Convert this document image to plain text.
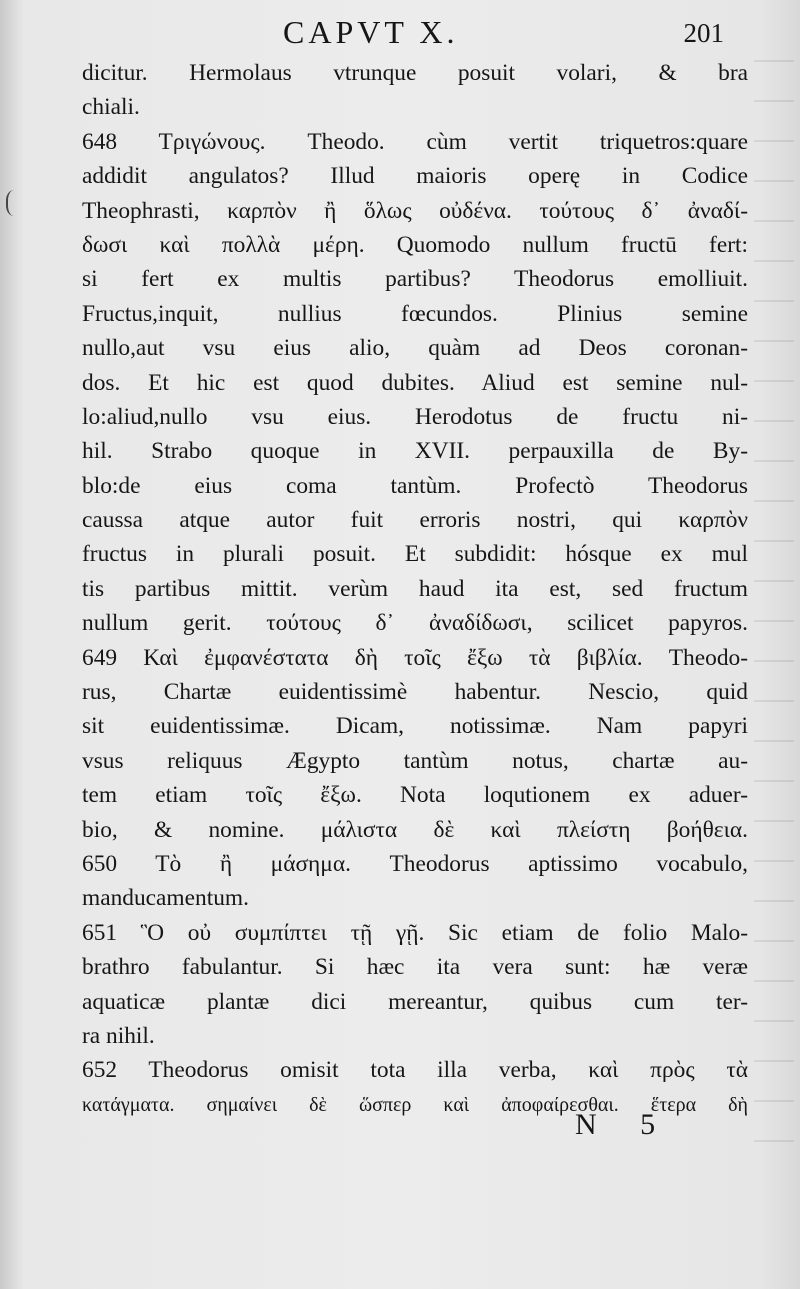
CAPVT X.	201
dicitur. Hermolaus vtrunque posuit volari, & bra
chiali.
648 Τριγώνους. Theodo. cùm vertit triquetros:quare
addidit angulatos? Illud maioris operę in Codice
Theophrasti, καρπὸν ἢ ὅλως οὐδένα. τούτους δ᾽ ἀναδί-
δωσι καὶ πολλὰ μέρη. Quomodo nullum fructū fert:
si fert ex multis partibus? Theodorus emolliuit.
Fructus,inquit, nullius fœcundos. Plinius semine
nullo,aut vsu eius alio, quàm ad Deos coronan-
dos. Et hic est quod dubites. Aliud est semine nul-
lo:aliud,nullo vsu eius. Herodotus de fructu ni-
hil. Strabo quoque in XVII. perpauxilla de By-
blo:de eius coma tantùm. Profectò Theodorus
caussa atque autor fuit erroris nostri, qui καρπὸν
fructus in plurali posuit. Et subdidit: hósque ex mul
tis partibus mittit. verùm haud ita est, sed fructum
nullum gerit. τούτους δ᾽ ἀναδίδωσι, scilicet papyros.
649 Καὶ ἐμφανέστατα δὴ τοῖς ἔξω τὰ βιβλία. Theodo-
rus, Chartæ euidentissimè habentur. Nescio, quid
sit euidentissimæ. Dicam, notissimæ. Nam papyri
vsus reliquus Ægypto tantùm notus, chartæ au-
tem etiam τοῖς ἔξω. Nota loqutionem ex aduer-
bio, & nomine. μάλιστα δὲ καὶ πλείστη βοήθεια.
650 Τὸ ἢ μάσημα. Theodorus aptissimo vocabulo,
manducamentum.
651 Ὃ οὐ συμπίπτει τῇ γῇ. Sic etiam de folio Malo-
brathro fabulantur. Si hæc ita vera sunt: hæ veræ
aquaticæ plantæ dici mereantur, quibus cum ter-
ra nihil.
652 Theodorus omisit tota illa verba, καὶ πρὸς τὰ
κατάγματα. σημαίνει δὲ ὥσπερ καὶ ἀποφαίρεσθαι. ἕτερα δὴ
N 5
